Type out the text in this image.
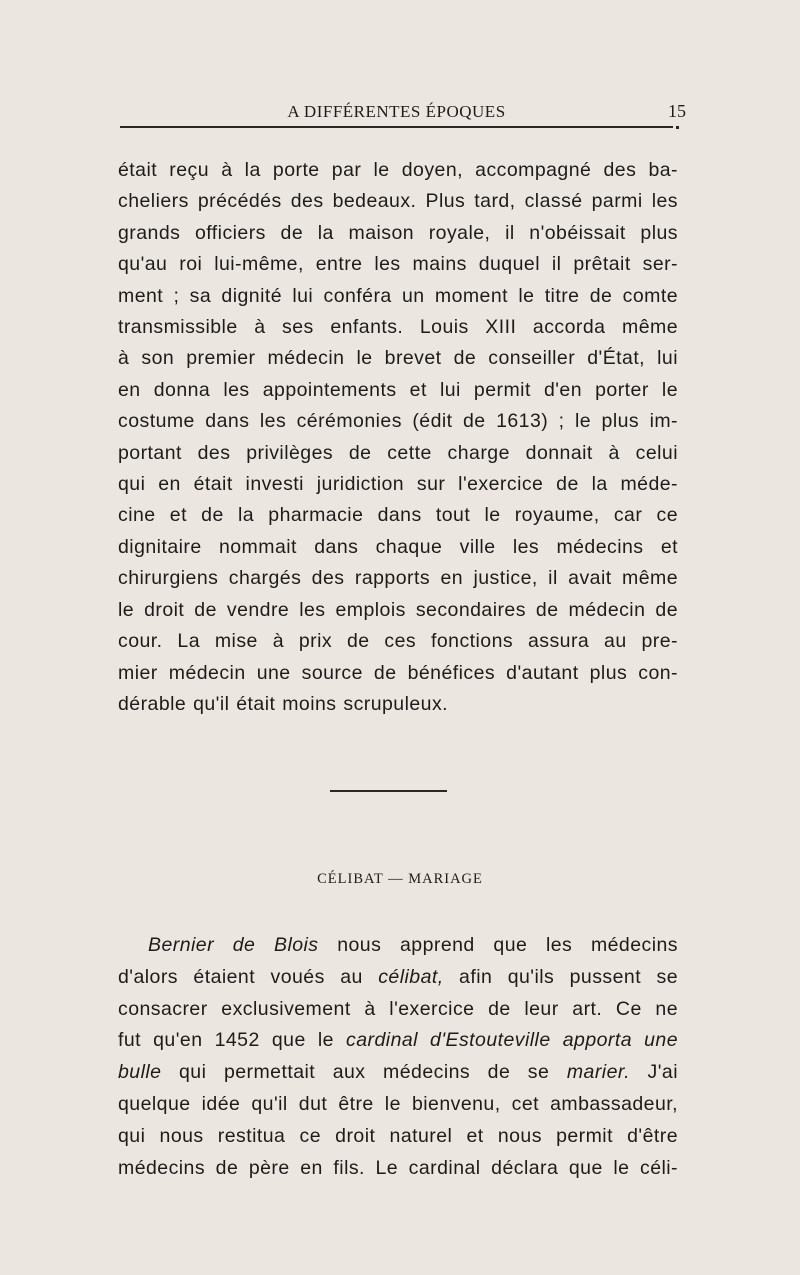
A DIFFÉRENTES ÉPOQUES	15
était reçu à la porte par le doyen, accompagné des ba-
cheliers précédés des bedeaux. Plus tard, classé parmi les
grands officiers de la maison royale, il n'obéissait plus
qu'au roi lui-même, entre les mains duquel il prêtait ser-
ment ; sa dignité lui conféra un moment le titre de comte
transmissible à ses enfants. Louis XIII accorda même
à son premier médecin le brevet de conseiller d'État, lui
en donna les appointements et lui permit d'en porter le
costume dans les cérémonies (édit de 1613) ; le plus im-
portant des privilèges de cette charge donnait à celui
qui en était investi juridiction sur l'exercice de la méde-
cine et de la pharmacie dans tout le royaume, car ce
dignitaire nommait dans chaque ville les médecins et
chirurgiens chargés des rapports en justice, il avait même
le droit de vendre les emplois secondaires de médecin de
cour. La mise à prix de ces fonctions assura au pre-
mier médecin une source de bénéfices d'autant plus con-
dérable qu'il était moins scrupuleux.
CÉLIBAT — MARIAGE
Bernier de Blois nous apprend que les médecins
d'alors étaient voués au célibat, afin qu'ils pussent se
consacrer exclusivement à l'exercice de leur art. Ce ne
fut qu'en 1452 que le cardinal d'Estouteville apporta une
bulle qui permettait aux médecins de se marier. J'ai
quelque idée qu'il dut être le bienvenu, cet ambassadeur,
qui nous restitua ce droit naturel et nous permit d'être
médecins de père en fils. Le cardinal déclara que le céli-
